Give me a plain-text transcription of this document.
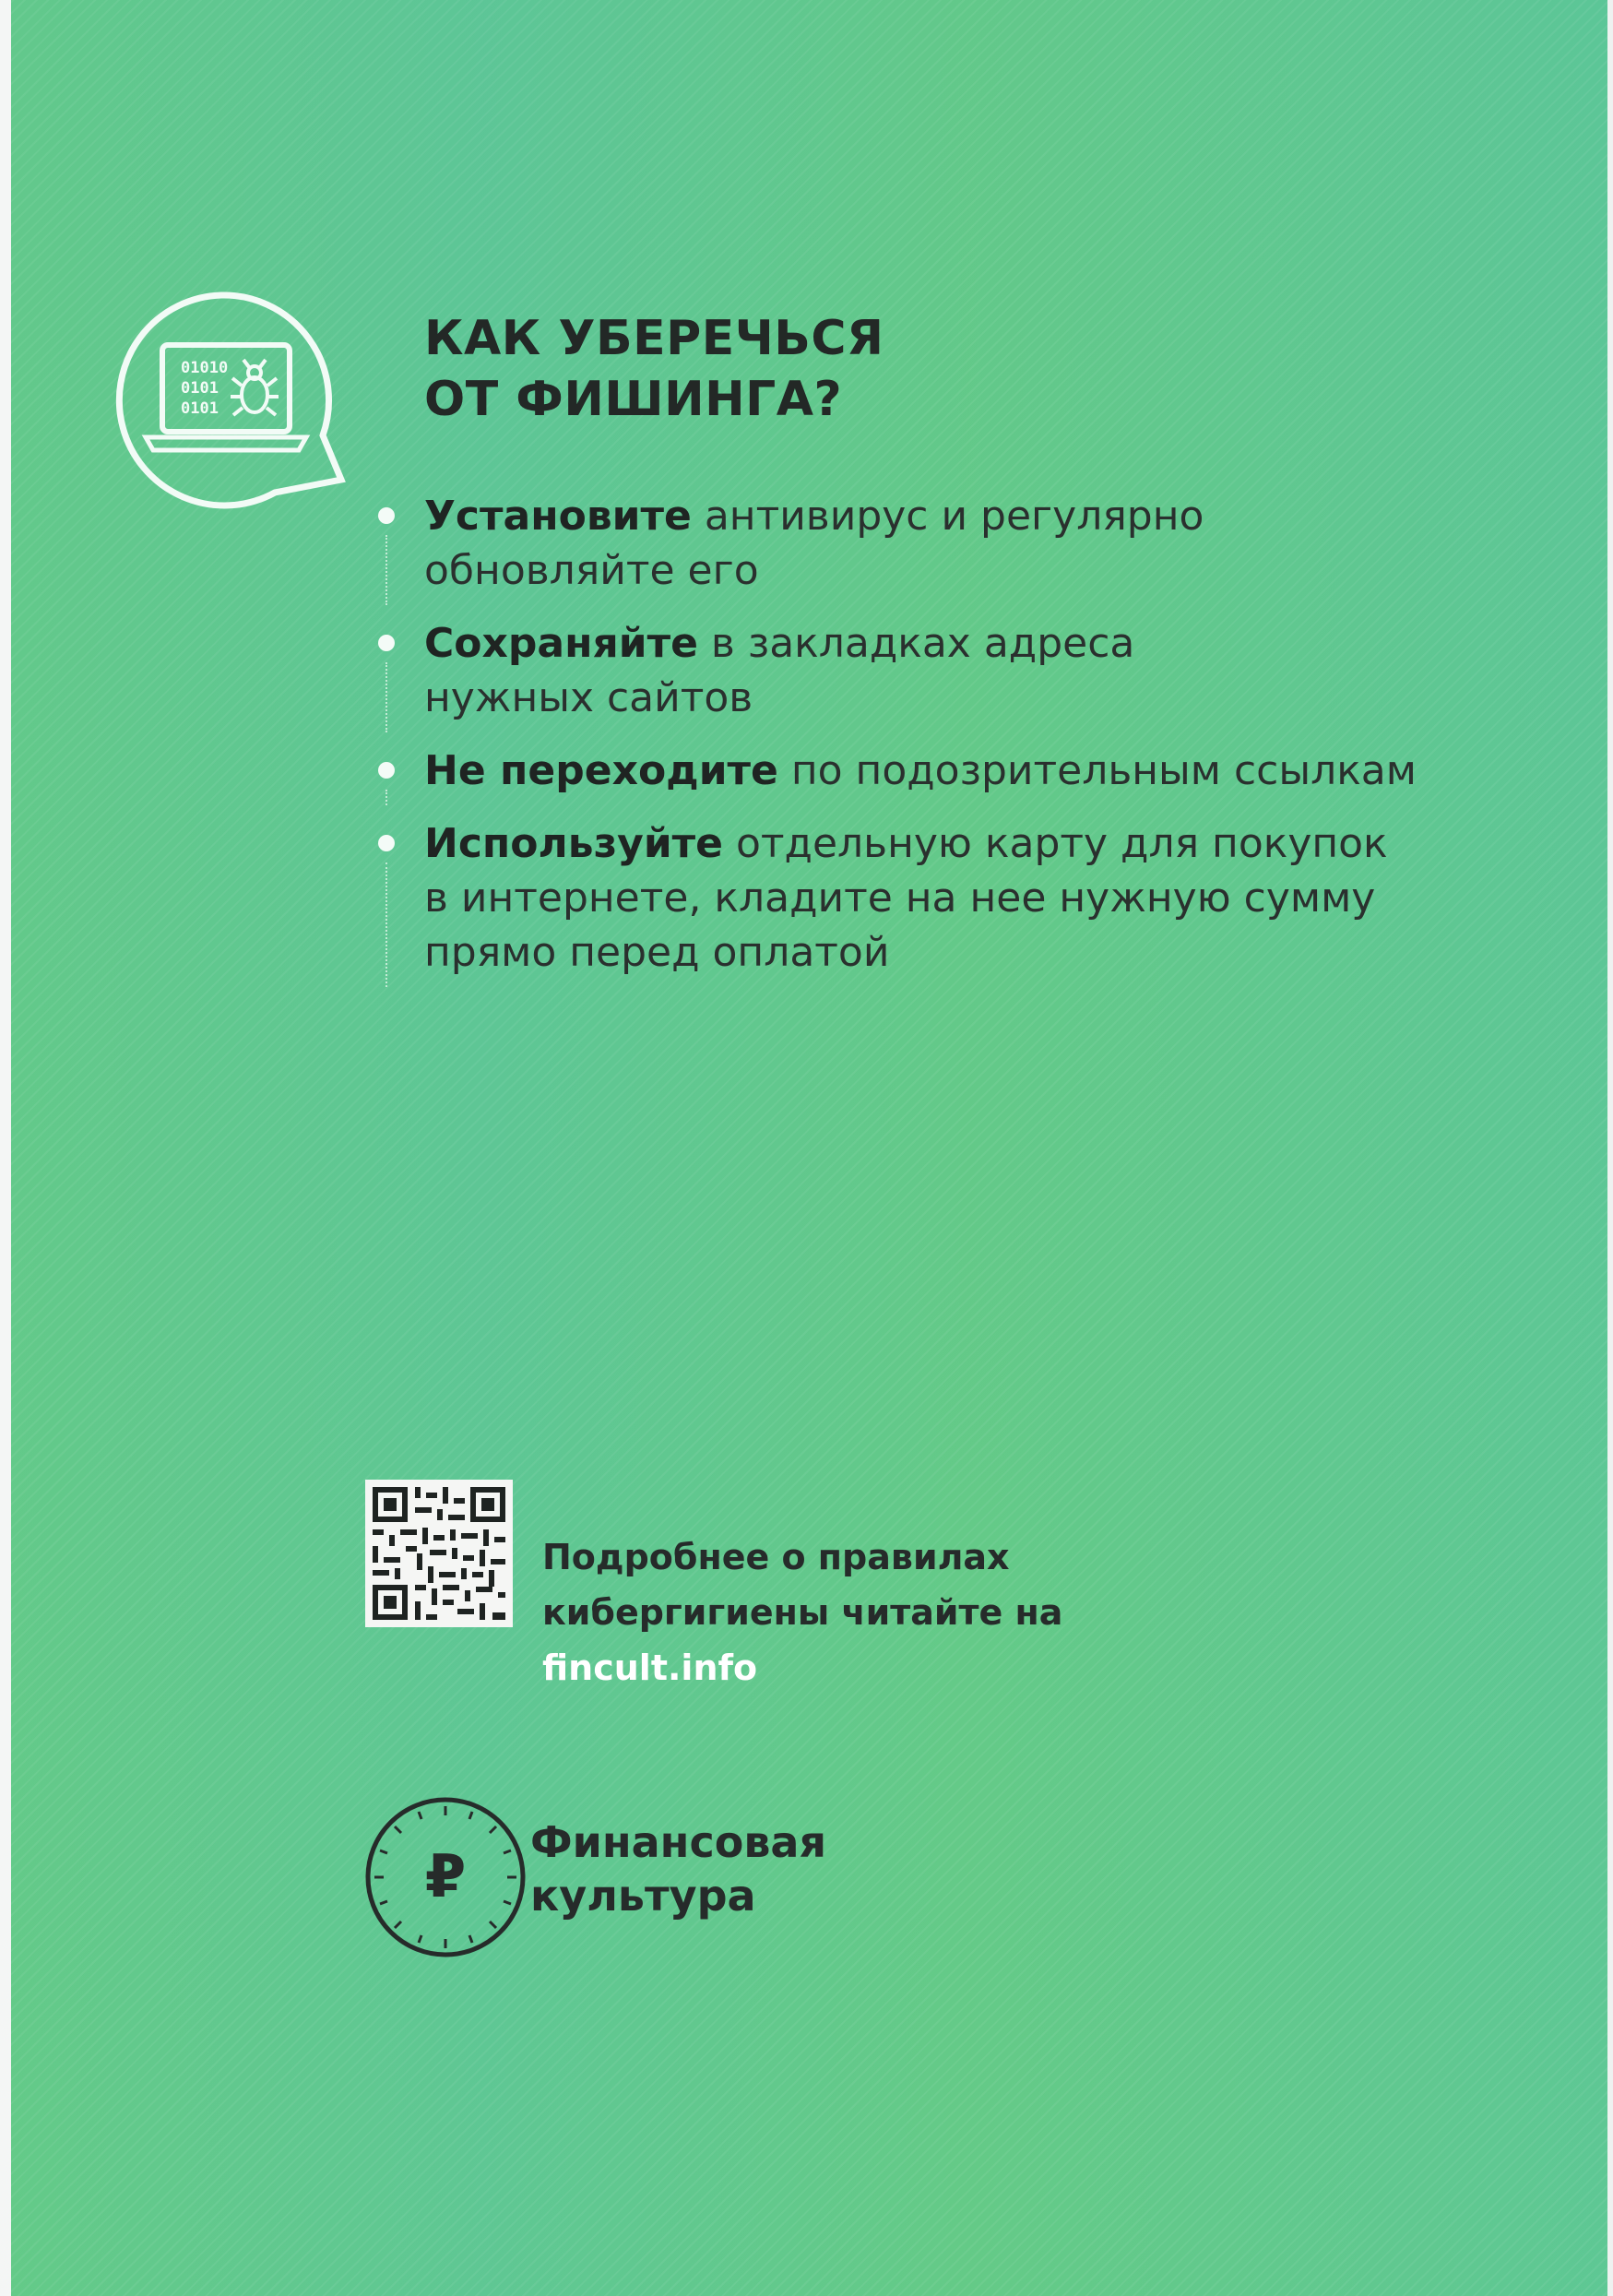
01010
0101
0101
КАК УБЕРЕЧЬСЯ
ОТ ФИШИНГА?
Установите антивирус и регулярно
обновляйте его
Сохраняйте в закладках адреса
нужных сайтов
Не переходите по подозрительным ссылкам
Используйте отдельную карту для покупок
в интернете, кладите на нее нужную сумму
прямо перед оплатой

Подробнее о правилах
кибергигиены читайте на
fincult.info

₽

Финансовая
культура
